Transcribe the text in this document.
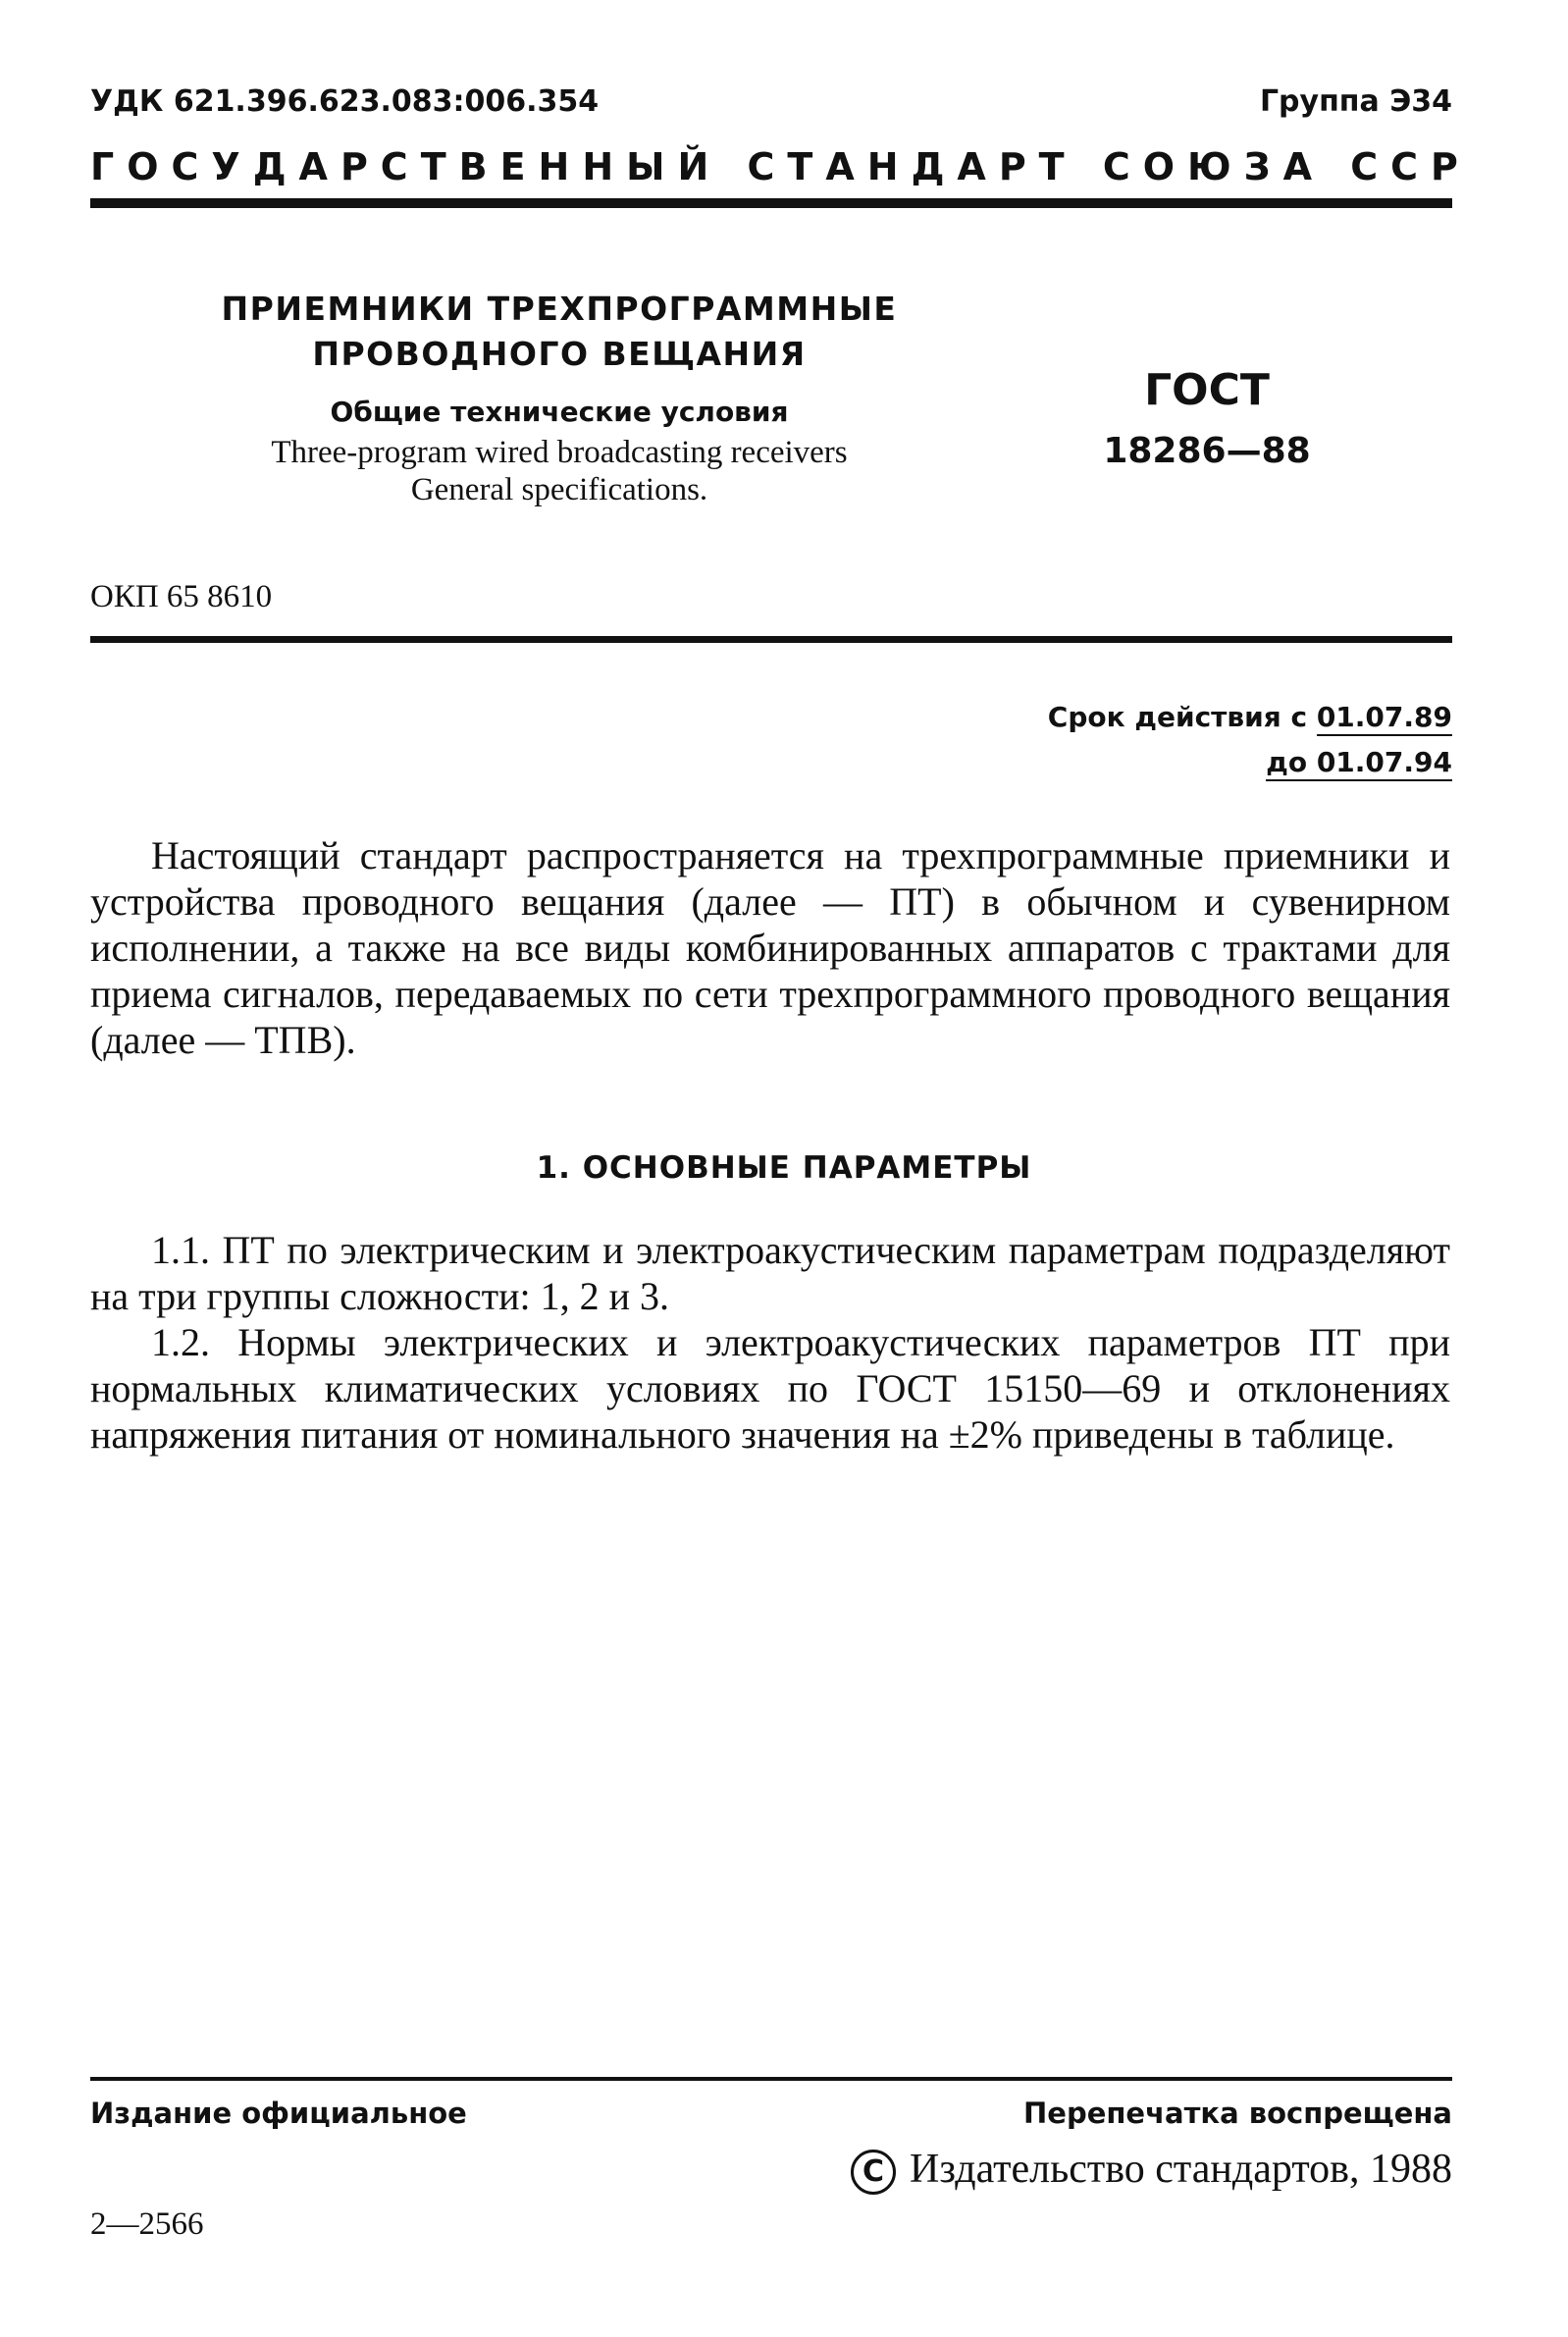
УДК 621.396.623.083:006.354	Группа Э34
ГОСУДАРСТВЕННЫЙ СТАНДАРТ СОЮЗА ССР
ПРИЕМНИКИ ТРЕХПРОГРАММНЫЕ
ПРОВОДНОГО ВЕЩАНИЯ
Общие технические условия
Three-program wired broadcasting receivers
General specifications.
ГОСТ
18286—88
ОКП 65 8610
Срок действия с 01.07.89
до 01.07.94

Настоящий стандарт распространяется на трехпрограммные приемники и устройства проводного вещания (далее — ПТ) в обычном и сувенирном исполнении, а также на все виды комбинированных аппаратов с трактами для приема сигналов, передаваемых по сети трехпрограммного проводного вещания (далее — ТПВ).

1. ОСНОВНЫЕ ПАРАМЕТРЫ

1.1. ПТ по электрическим и электроакустическим параметрам подразделяют на три группы сложности: 1, 2 и 3.

1.2. Нормы электрических и электроакустических параметров ПТ при нормальных климатических условиях по ГОСТ 15150—69 и отклонениях напряжения питания от номинального значения на ±2% приведены в таблице.

Издание официальное	Перепечатка воспрещена
C Издательство стандартов, 1988
2—2566
